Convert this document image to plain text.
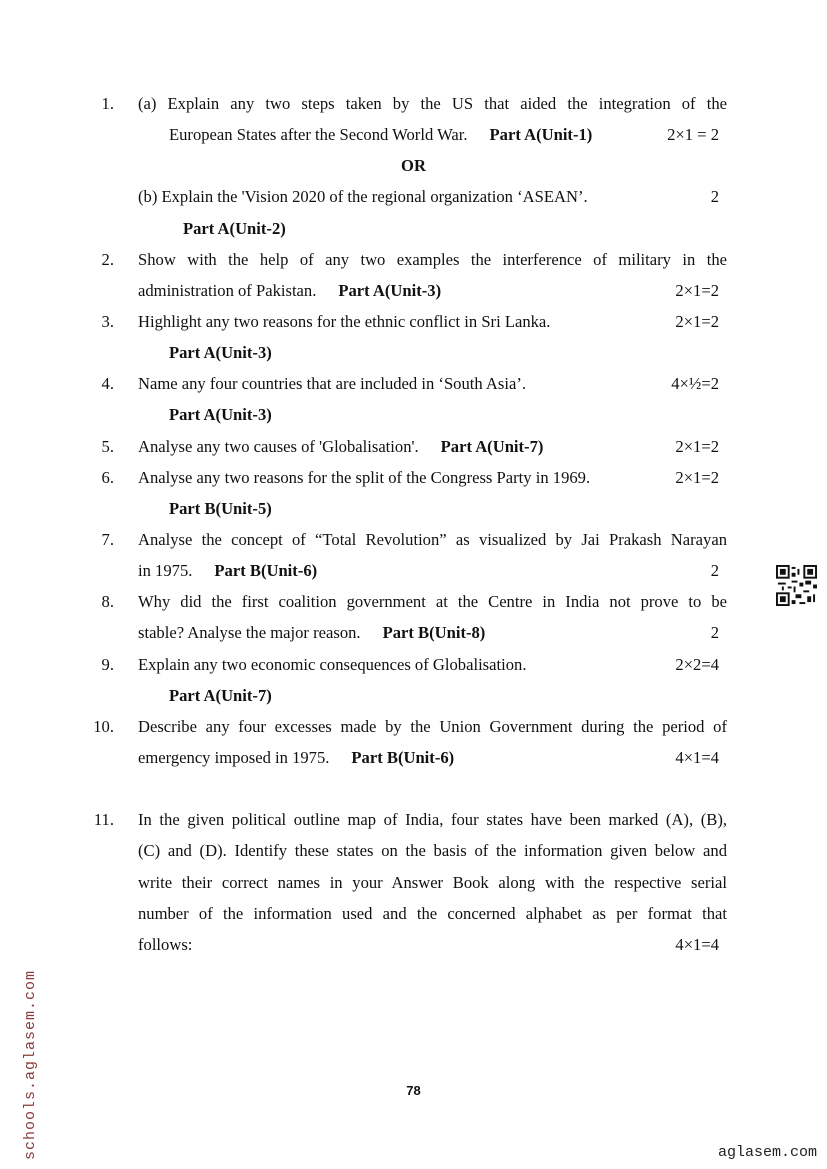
1. (a) Explain any two steps taken by the US that aided the integration of the
European States after the Second World War. Part A(Unit-1)	2×1 = 2
OR
(b) Explain the 'Vision 2020 of the regional organization ‘ASEAN’.	2
Part A(Unit-2)
2. Show with the help of any two examples the interference of military in the
administration of Pakistan. Part A(Unit-3)	2×1=2
3. Highlight any two reasons for the ethnic conflict in Sri Lanka.	2×1=2
Part A(Unit-3)
4. Name any four countries that are included in ‘South Asia’.	4×½=2
Part A(Unit-3)
5. Analyse any two causes of 'Globalisation'. Part A(Unit-7)	2×1=2
6. Analyse any two reasons for the split of the Congress Party in 1969.	2×1=2
Part B(Unit-5)
7. Analyse the concept of “Total Revolution” as visualized by Jai Prakash Narayan
in 1975. Part B(Unit-6)	2
8. Why did the first coalition government at the Centre in India not prove to be
stable? Analyse the major reason. Part B(Unit-8)	2
9. Explain any two economic consequences of Globalisation.	2×2=4
Part A(Unit-7)
10. Describe any four excesses made by the Union Government during the period of
emergency imposed in 1975. Part B(Unit-6)	4×1=4
11. In the given political outline map of India, four states have been marked (A), (B),
(C) and (D). Identify these states on the basis of the information given below and
write their correct names in your Answer Book along with the respective serial
number of the information used and the concerned alphabet as per format that
follows:	4×1=4
78
schools.aglasem.com	aglasem.com
